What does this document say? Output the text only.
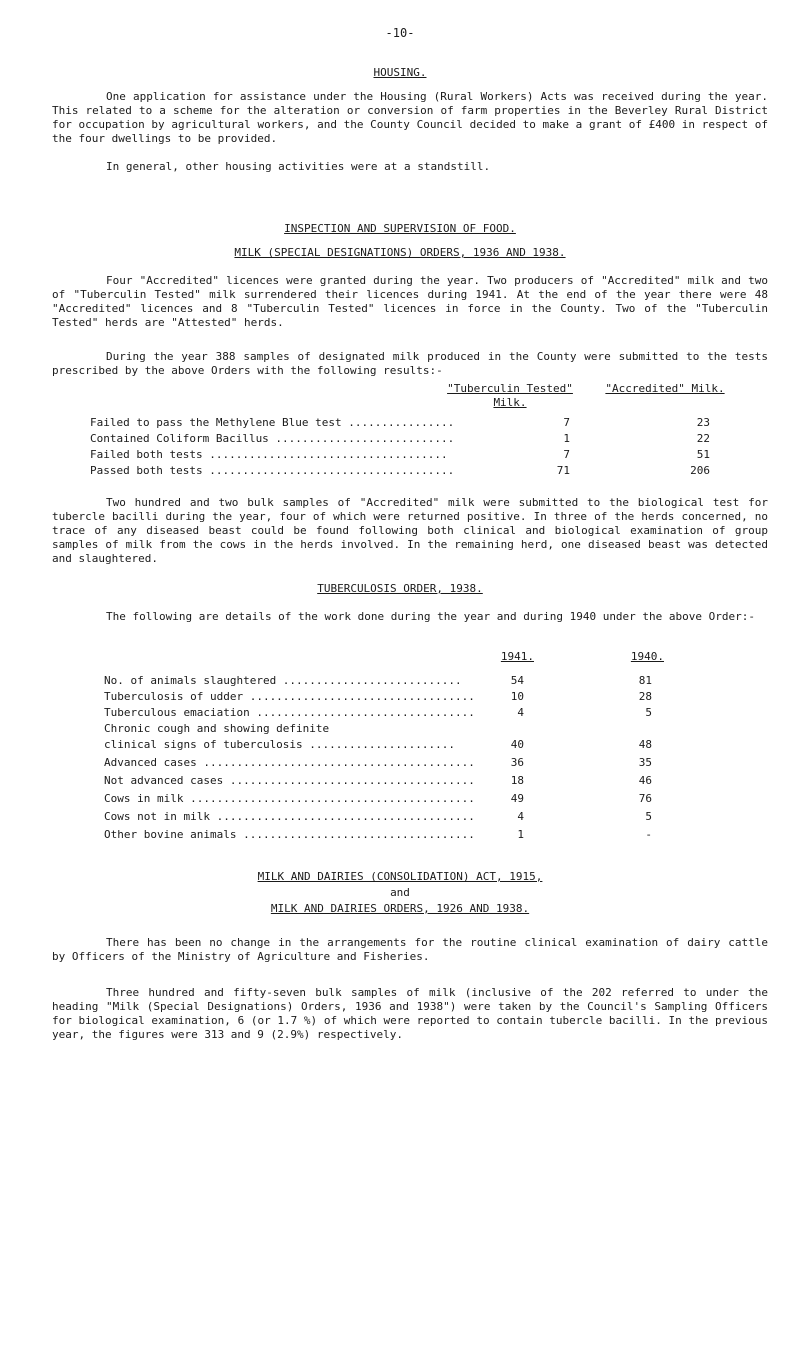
-10-
HOUSING.
One application for assistance under the Housing (Rural Workers) Acts was received during the year. This related to a scheme for the alteration or conversion of farm properties in the Beverley Rural District for occupation by agricultural workers, and the County Council decided to make a grant of £400 in respect of the four dwellings to be provided.
In general, other housing activities were at a standstill.
INSPECTION AND SUPERVISION OF FOOD.
MILK (SPECIAL DESIGNATIONS) ORDERS, 1936 AND 1938.
Four "Accredited" licences were granted during the year. Two producers of "Accredited" milk and two of "Tuberculin Tested" milk surrendered their licences during 1941. At the end of the year there were 48 "Accredited" licences and 8 "Tuberculin Tested" licences in force in the County. Two of the "Tuberculin Tested" herds are "Attested" herds.
During the year 388 samples of designated milk produced in the County were submitted to the tests prescribed by the above Orders with the following results:-
"Tuberculin Tested" Milk.
"Accredited" Milk.
Failed to pass the Methylene Blue test ................	7	23
Contained Coliform Bacillus ...........................	1	22
Failed both tests ....................................	7	51
Passed both tests .....................................	71	206
Two hundred and two bulk samples of "Accredited" milk were submitted to the biological test for tubercle bacilli during the year, four of which were returned positive. In three of the herds concerned, no trace of any diseased beast could be found following both clinical and biological examination of group samples of milk from the cows in the herds involved. In the remaining herd, one diseased beast was detected and slaughtered.
TUBERCULOSIS ORDER, 1938.
The following are details of the work done during the year and during 1940 under the above Order:-
1941.	1940.
No. of animals slaughtered ...........................	54	81
Tuberculosis of udder ..................................	10	28
Tuberculous emaciation .................................	4	5
Chronic cough and showing definite
clinical signs of tuberculosis ......................	40	48
Advanced cases .........................................	36	35
Not advanced cases .....................................	18	46
Cows in milk ...........................................	49	76
Cows not in milk .......................................	4	5
Other bovine animals ...................................	1	-
MILK AND DAIRIES (CONSOLIDATION) ACT, 1915,
and
MILK AND DAIRIES ORDERS, 1926 AND 1938.
There has been no change in the arrangements for the routine clinical examination of dairy cattle by Officers of the Ministry of Agriculture and Fisheries.
Three hundred and fifty-seven bulk samples of milk (inclusive of the 202 referred to under the heading "Milk (Special Designations) Orders, 1936 and 1938") were taken by the Council's Sampling Officers for biological examination, 6 (or 1.7 %) of which were reported to contain tubercle bacilli. In the previous year, the figures were 313 and 9 (2.9%) respectively.
